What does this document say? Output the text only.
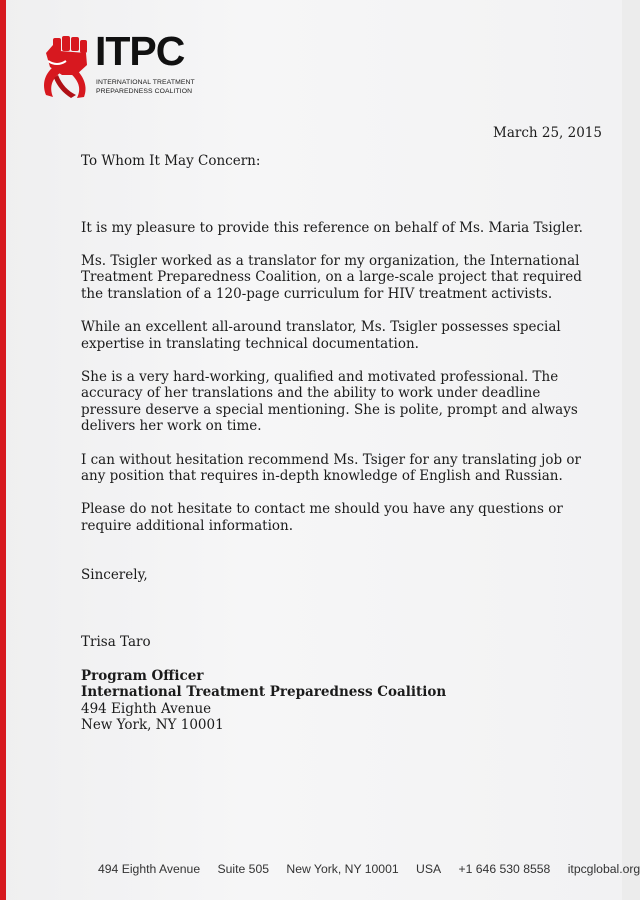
ITPC
INTERNATIONAL TREATMENT
PREPAREDNESS COALITION
March 25, 2015

To Whom It May Concern:

It is my pleasure to provide this reference on behalf of Ms. Maria Tsigler.

Ms. Tsigler worked as a translator for my organization, the International Treatment Preparedness Coalition, on a large-scale project that required the translation of a 120-page curriculum for HIV treatment activists.

While an excellent all-around translator, Ms. Tsigler possesses special expertise in translating technical documentation.

She is a very hard-working, qualified and motivated professional. The accuracy of her translations and the ability to work under deadline pressure deserve a special mentioning. She is polite, prompt and always delivers her work on time.

I can without hesitation recommend Ms. Tsiger for any translating job or any position that requires in-depth knowledge of English and Russian.

Please do not hesitate to contact me should you have any questions or require additional information.

Sincerely,

Trisa Taro

Program Officer

International Treatment Preparedness Coalition

494 Eighth Avenue

New York, NY 10001

494 Eighth Avenue Suite 505 New York, NY 10001 USA +1 646 530 8558 itpcglobal.org
